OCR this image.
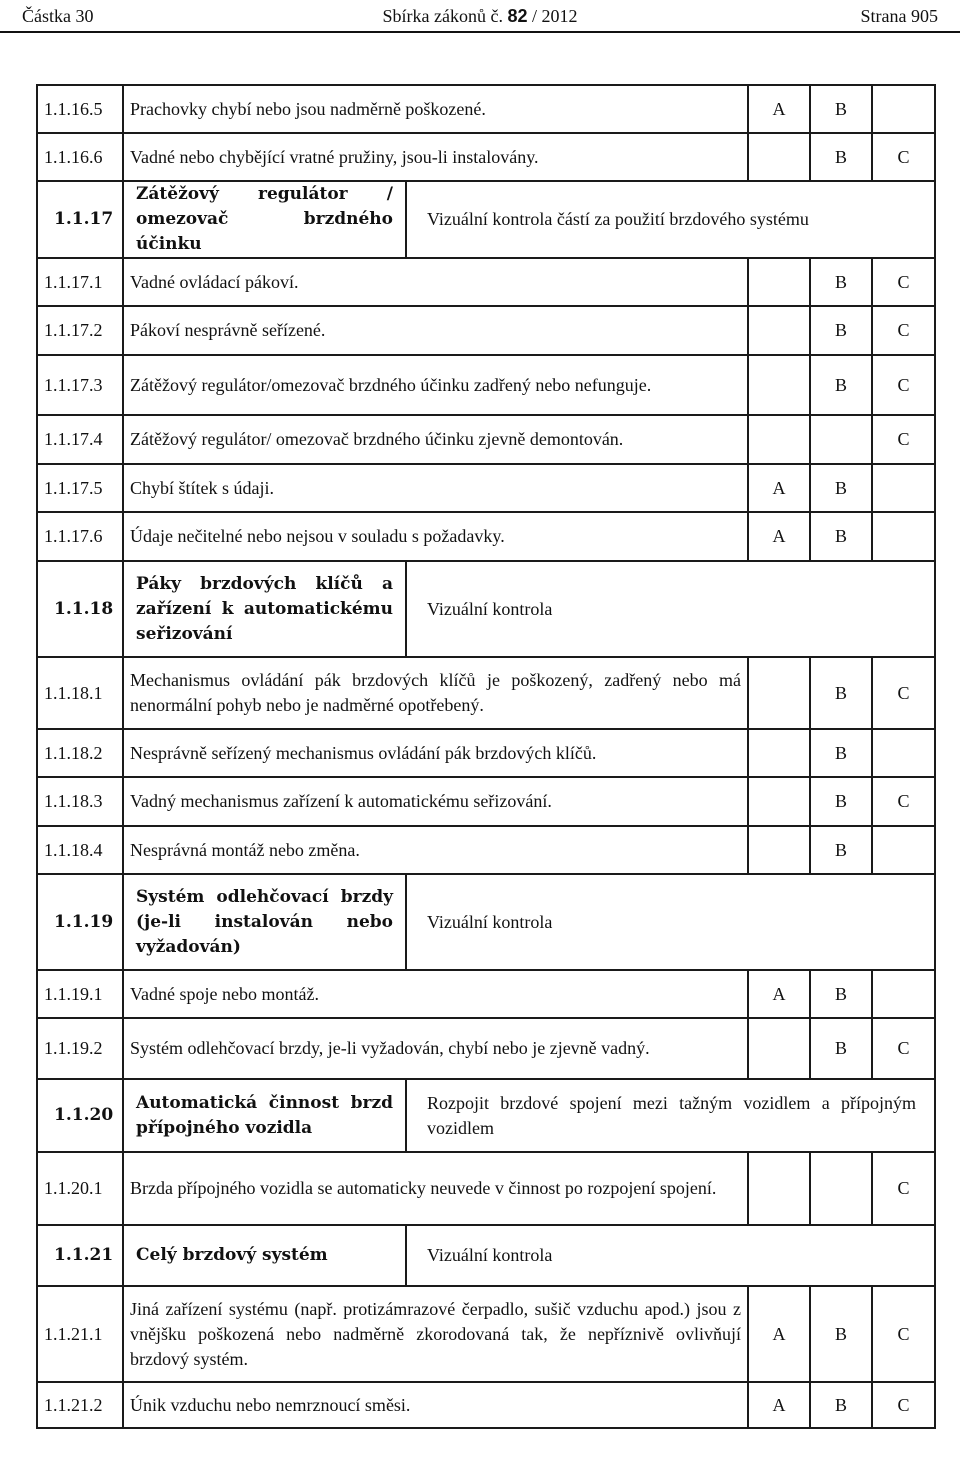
Částka 30	Sbírka zákonů č. 82 / 2012	Strana 905
1.1.16.5	Prachovky chybí nebo jsou nadměrně poškozené.		A	B	
1.1.16.6	Vadné nebo chybějící vratné pružiny, jsou-li instalovány.			B	C
1.1.17	Zátěžový regulátor / omezovač brzdného účinku	Vizuální kontrola částí za použití brzdového systému			
1.1.17.1	Vadné ovládací pákoví.			B	C
1.1.17.2	Pákoví nesprávně seřízené.			B	C
1.1.17.3	Zátěžový regulátor/omezovač brzdného účinku zadřený nebo nefunguje.			B	C
1.1.17.4	Zátěžový regulátor/ omezovač brzdného účinku zjevně demontován.				C
1.1.17.5	Chybí štítek s údaji.		A	B	
1.1.17.6	Údaje nečitelné nebo nejsou v souladu s požadavky.		A	B	
1.1.18	Páky brzdových klíčů a zařízení k automatickému seřizování	Vizuální kontrola			
1.1.18.1	Mechanismus ovládání pák brzdových klíčů je poškozený, zadřený nebo má nenormální pohyb nebo je nadměrné opotřebený.			B	C
1.1.18.2	Nesprávně seřízený mechanismus ovládání pák brzdových klíčů.			B	
1.1.18.3	Vadný mechanismus zařízení k automatickému seřizování.			B	C
1.1.18.4	Nesprávná montáž nebo změna.			B	
1.1.19	Systém odlehčovací brzdy (je-li instalován nebo vyžadován)	Vizuální kontrola			
1.1.19.1	Vadné spoje nebo montáž.		A	B	
1.1.19.2	Systém odlehčovací brzdy, je-li vyžadován, chybí nebo je zjevně vadný.			B	C
1.1.20	Automatická činnost brzd přípojného vozidla	Rozpojit brzdové spojení mezi tažným vozidlem a přípojným vozidlem			
1.1.20.1	Brzda přípojného vozidla se automaticky neuvede v činnost po rozpojení spojení.				C
1.1.21	Celý brzdový systém	Vizuální kontrola			
1.1.21.1	Jiná zařízení systému (např. protizámrazové čerpadlo, sušič vzduchu apod.) jsou z vnějšku poškozená nebo nadměrně zkorodovaná tak, že nepříznivě ovlivňují brzdový systém.		A	B	C
1.1.21.2	Únik vzduchu nebo nemrznoucí směsi.		A	B	C
